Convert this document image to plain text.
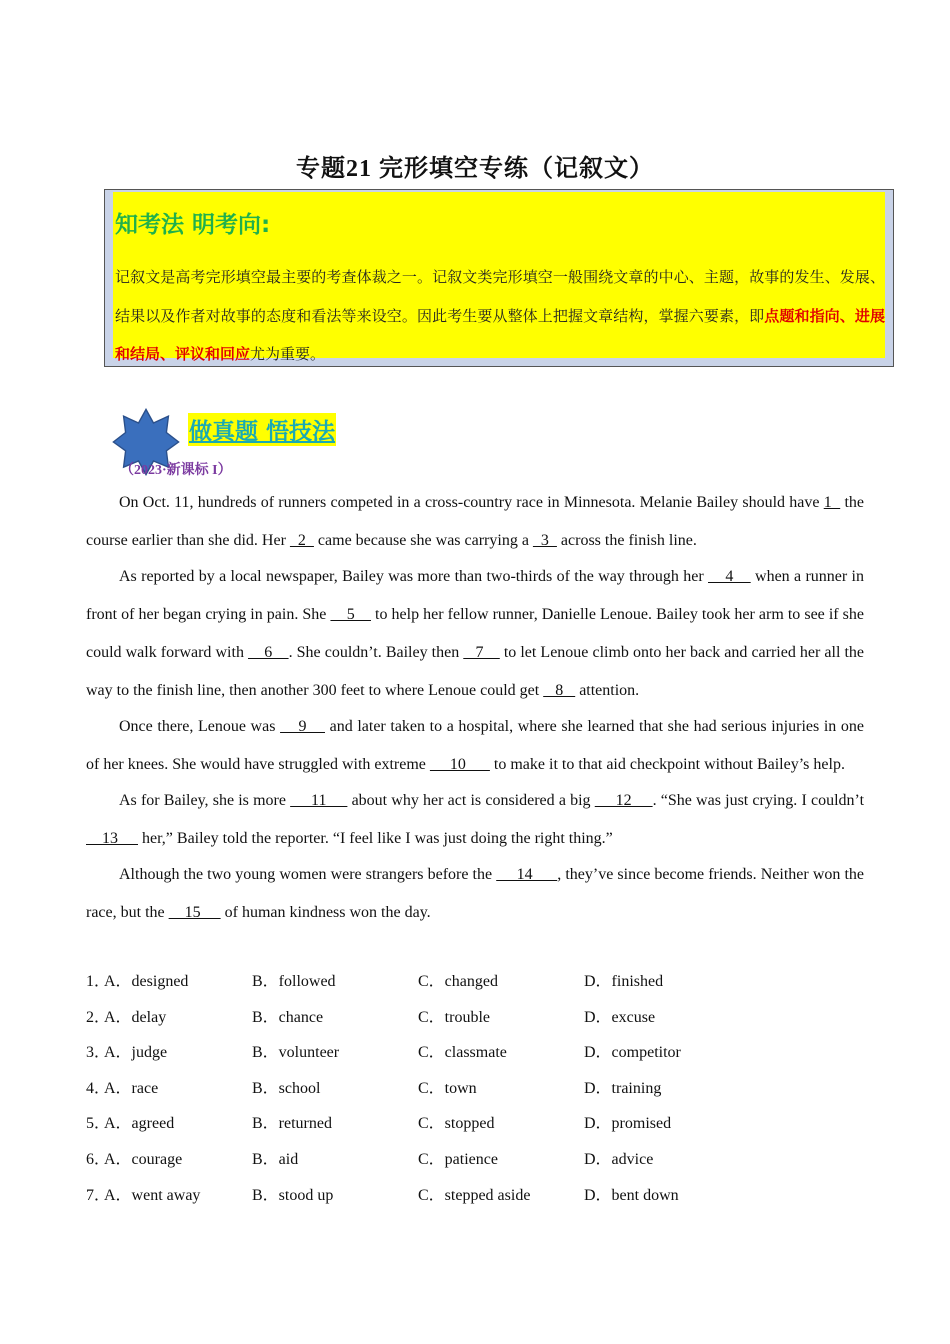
专题21 完形填空专练（记叙文）
知考法 明考向:
记叙文是高考完形填空最主要的考查体裁之一。记叙文类完形填空一般围绕文章的中心、主题，故事的发生、发展、结果以及作者对故事的态度和看法等来设空。因此考生要从整体上把握文章结构，掌握六要素，即点题和指向、进展和结局、评议和回应尤为重要。
做真题 悟技法
（2023·新课标 I）

On Oct. 11, hundreds of runners competed in a cross-country race in Minnesota. Melanie Bailey should have 1   the course earlier than she did. Her   2   came because she was carrying a   3   across the finish line.

As reported by a local newspaper, Bailey was more than two-thirds of the way through her     4     when a runner in front of her began crying in pain. She     5     to help her fellow runner, Danielle Lenoue. Bailey took her arm to see if she could walk forward with     6    . She couldn’t. Bailey then    7     to let Lenoue climb onto her back and carried her all the way to the finish line, then another 300 feet to where Lenoue could get    8    attention.

Once there, Lenoue was     9     and later taken to a hospital, where she learned that she had serious injuries in one of her knees. She would have struggled with extreme      10       to make it to that aid checkpoint without Bailey’s help.

As for Bailey, she is more      11      about why her act is considered a big      12     . “She was just crying. I couldn’t     13      her,” Bailey told the reporter. “I feel like I was just doing the right thing.”

Although the two young women were strangers before the      14      , they’ve since become friends. Neither won the race, but the     15      of human kindness won the day.

1．
A．designed	B．followed	C．changed	D．finished
2．
A．delay	B．chance	C．trouble	D．excuse
3．
A．judge	B．volunteer	C．classmate	D．competitor
4．
A．race	B．school	C．town	D．training
5．
A．agreed	B．returned	C．stopped	D．promised
6．
A．courage	B．aid	C．patience	D．advice
7．
A．went away	B．stood up	C．stepped aside	D．bent down
